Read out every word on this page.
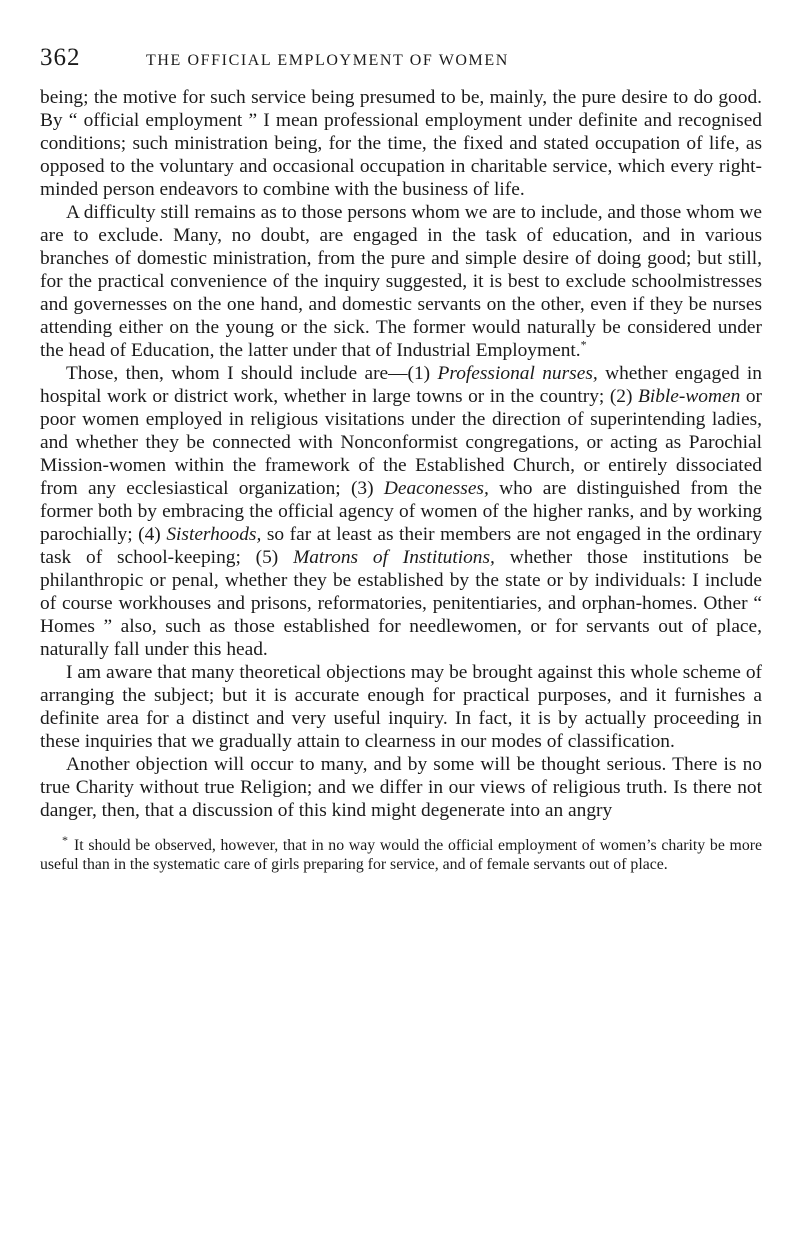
362	THE OFFICIAL EMPLOYMENT OF WOMEN

being; the motive for such service being presumed to be, mainly, the pure desire to do good. By “ official employment ” I mean professional employment under definite and recognised conditions; such ministration being, for the time, the fixed and stated occupation of life, as opposed to the voluntary and occasional occupation in charitable service, which every right-minded person endeavors to combine with the business of life.

A difficulty still remains as to those persons whom we are to include, and those whom we are to exclude. Many, no doubt, are engaged in the task of education, and in various branches of domestic ministration, from the pure and simple desire of doing good; but still, for the practical convenience of the inquiry suggested, it is best to exclude schoolmistresses and governesses on the one hand, and domestic servants on the other, even if they be nurses attending either on the young or the sick. The former would naturally be considered under the head of Education, the latter under that of Industrial Employment.*

Those, then, whom I should include are—(1) Professional nurses, whether engaged in hospital work or district work, whether in large towns or in the country; (2) Bible-women or poor women employed in religious visitations under the direction of superintending ladies, and whether they be connected with Nonconformist congregations, or acting as Parochial Mission-women within the framework of the Established Church, or entirely dissociated from any ecclesiastical organization; (3) Deaconesses, who are distinguished from the former both by embracing the official agency of women of the higher ranks, and by working parochially; (4) Sisterhoods, so far at least as their members are not engaged in the ordinary task of school-keeping; (5) Matrons of Institutions, whether those institutions be philanthropic or penal, whether they be established by the state or by individuals: I include of course workhouses and prisons, reformatories, penitentiaries, and orphan-homes. Other “ Homes ” also, such as those established for needlewomen, or for servants out of place, naturally fall under this head.

I am aware that many theoretical objections may be brought against this whole scheme of arranging the subject; but it is accurate enough for practical purposes, and it furnishes a definite area for a distinct and very useful inquiry. In fact, it is by actually proceeding in these inquiries that we gradually attain to clearness in our modes of classification.

Another objection will occur to many, and by some will be thought serious. There is no true Charity without true Religion; and we differ in our views of religious truth. Is there not danger, then, that a discussion of this kind might degenerate into an angry

* It should be observed, however, that in no way would the official employment of women’s charity be more useful than in the systematic care of girls preparing for service, and of female servants out of place.
